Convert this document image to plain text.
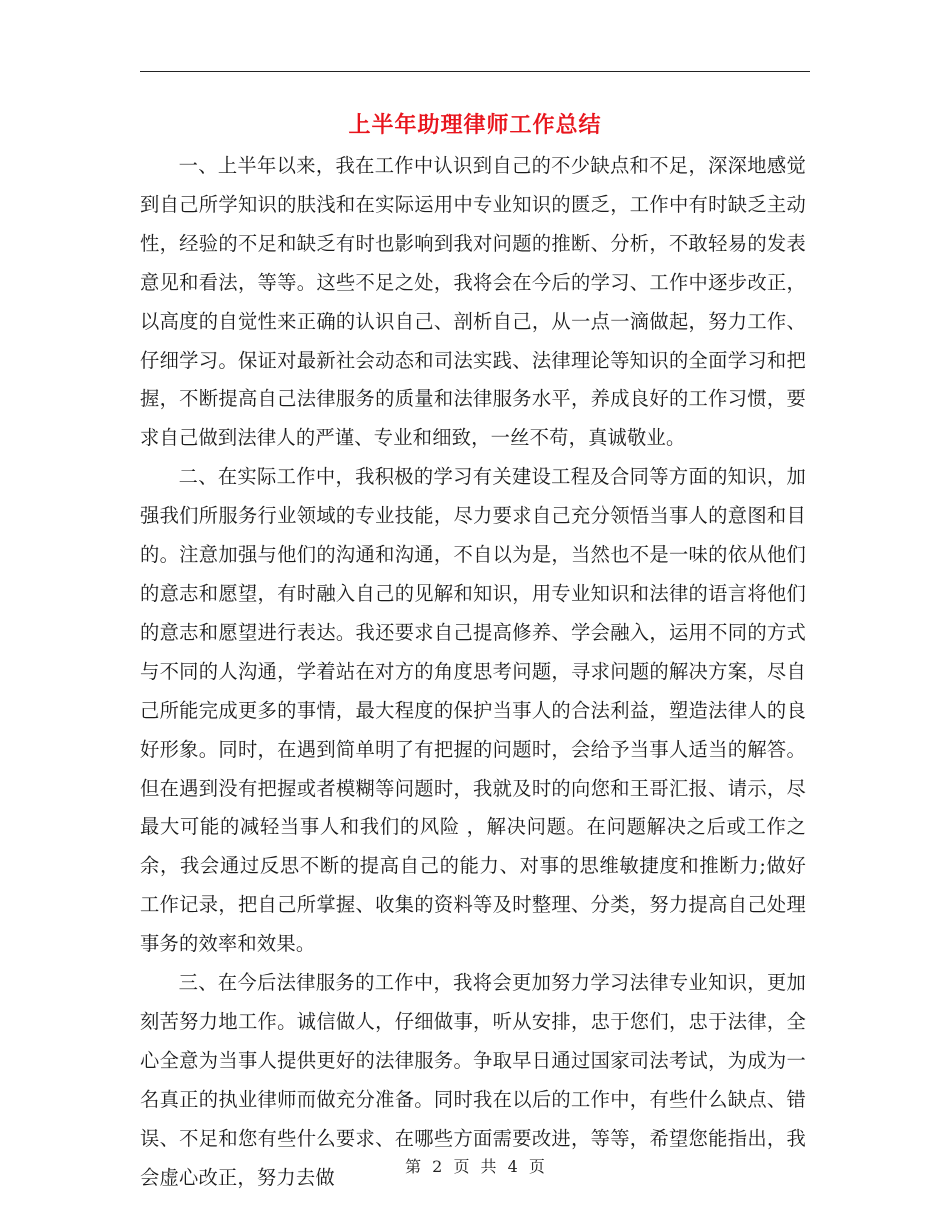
上半年助理律师工作总结

一、上半年以来，我在工作中认识到自己的不少缺点和不足，深深地感觉到自己所学知识的肤浅和在实际运用中专业知识的匮乏，工作中有时缺乏主动性，经验的不足和缺乏有时也影响到我对问题的推断、分析，不敢轻易的发表意见和看法，等等。这些不足之处，我将会在今后的学习、工作中逐步改正，以高度的自觉性来正确的认识自己、剖析自己，从一点一滴做起，努力工作、仔细学习。保证对最新社会动态和司法实践、法律理论等知识的全面学习和把握，不断提高自己法律服务的质量和法律服务水平，养成良好的工作习惯，要求自己做到法律人的严谨、专业和细致，一丝不苟，真诚敬业。

二、在实际工作中，我积极的学习有关建设工程及合同等方面的知识，加强我们所服务行业领域的专业技能，尽力要求自己充分领悟当事人的意图和目的。注意加强与他们的沟通和沟通，不自以为是，当然也不是一味的依从他们的意志和愿望，有时融入自己的见解和知识，用专业知识和法律的语言将他们的意志和愿望进行表达。我还要求自己提高修养、学会融入，运用不同的方式与不同的人沟通，学着站在对方的角度思考问题，寻求问题的解决方案，尽自己所能完成更多的事情，最大程度的保护当事人的合法利益，塑造法律人的良好形象。同时，在遇到简单明了有把握的问题时，会给予当事人适当的解答。但在遇到没有把握或者模糊等问题时，我就及时的向您和王哥汇报、请示，尽最大可能的减轻当事人和我们的风险 ，解决问题。在问题解决之后或工作之余，我会通过反思不断的提高自己的能力、对事的思维敏捷度和推断力;做好工作记录，把自己所掌握、收集的资料等及时整理、分类，努力提高自己处理事务的效率和效果。

三、在今后法律服务的工作中，我将会更加努力学习法律专业知识，更加刻苦努力地工作。诚信做人，仔细做事，听从安排，忠于您们，忠于法律，全心全意为当事人提供更好的法律服务。争取早日通过国家司法考试，为成为一名真正的执业律师而做充分准备。同时我在以后的工作中，有些什么缺点、错误、不足和您有些什么要求、在哪些方面需要改进，等等，希望您能指出，我会虚心改正，努力去做	第 2 页 共 4 页
